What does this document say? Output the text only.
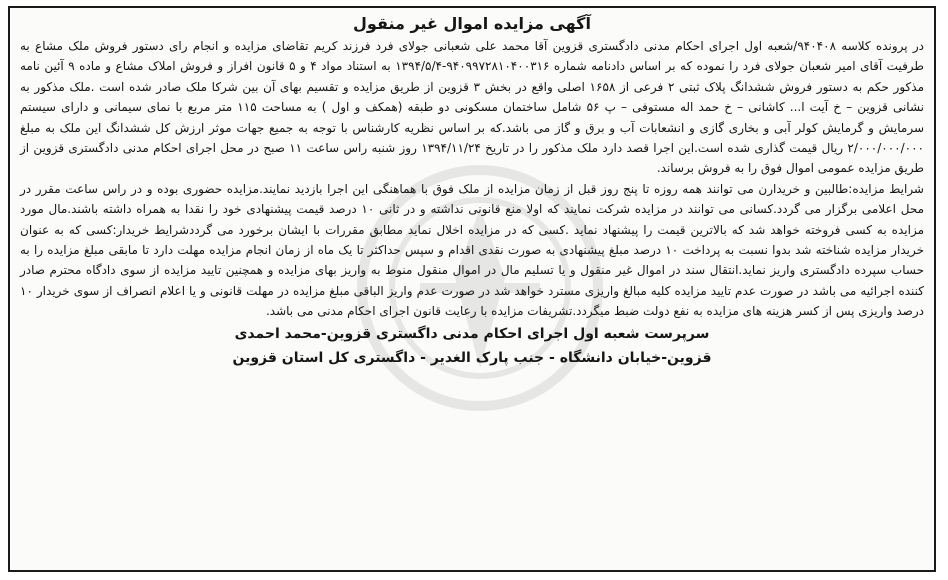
آگهی مزایده اموال غیر منقول

در پرونده کلاسه ۹۴۰۴۰۸/شعبه اول اجرای احکام مدنی دادگستری قزوین آقا محمد علی شعبانی جولای فرد فرزند کریم تقاضای مزایده و انجام رای دستور فروش ملک مشاع به طرفیت آقای امیر شعبان جولای فرد را نموده که بر اساس دادنامه شماره ۹۴۰۹۹۷۲۸۱۰۴۰۰۳۱۶-۱۳۹۴/۵/۴ به استناد مواد ۴ و ۵ قانون افراز و فروش املاک مشاع و ماده ۹ آئین نامه مذکور حکم به دستور فروش ششدانگ پلاک ثبتی ۲ فرعی از ۱۶۵۸ اصلی واقع در بخش ۳ قزوین از طریق مزایده و تقسیم بهای آن بین شرکا ملک صادر شده است .ملک مذکور به نشانی قزوین – خ آیت ا... کاشانی – خ حمد اله مستوفی – پ ۵۶ شامل ساختمان مسکونی دو طبقه (همکف و اول ) به مساحت ۱۱۵ متر مربع با نمای سیمانی و دارای سیستم سرمایش و گرمایش کولر آبی و بخاری گازی و انشعابات آب و برق و گاز می باشد.که بر اساس نظریه کارشناس با توجه به جمیع جهات موثر ارزش کل ششدانگ این ملک به مبلغ ۲/۰۰۰/۰۰۰/۰۰۰ ریال قیمت گذاری شده است.این اجرا قصد دارد ملک مذکور را در تاریخ ۱۳۹۴/۱۱/۲۴ روز شنبه راس ساعت ۱۱ صبح در محل اجرای احکام مدنی دادگستری قزوین از طریق مزایده عمومی اموال فوق را به فروش برساند.

شرایط مزایده:طالبین و خریدارن می توانند همه روزه تا پنج روز قبل از زمان مزایده از ملک فوق با هماهنگی این اجرا بازدید نمایند.مزایده حضوری بوده و در راس ساعت مقرر در محل اعلامی برگزار می گردد.کسانی می توانند در مزایده شرکت نمایند که اولا منع قانونی نداشته و در ثانی ۱۰ درصد قیمت پیشنهادی خود را نقدا به همراه داشته باشند.مال مورد مزایده به کسی فروخته خواهد شد که بالاترین قیمت را پیشنهاد نماید .کسی که در مزایده اخلال نماید مطابق مقررات با ایشان برخورد می گرددشرایط خریدار:کسی که به عنوان خریدار مزایده شناخته شد بدوا نسبت به پرداخت ۱۰ درصد مبلغ پیشنهادی به صورت نقدی اقدام و سپس حداکثر تا یک ماه از زمان انجام مزایده مهلت دارد تا مابقی مبلغ مزایده را به حساب سپرده دادگستری واریز نماید.انتقال سند در اموال غیر منقول و یا تسلیم مال در اموال منقول منوط به واریز بهای مزایده و همچنین تایید مزایده از سوی دادگاه محترم صادر کننده اجرائیه می باشد در صورت عدم تایید مزایده کلیه مبالغ واریزی مسترد خواهد شد در صورت عدم واریز الباقی مبلغ مزایده در مهلت قانونی و یا اعلام انصراف از سوی خریدار ۱۰ درصد واریزی پس از کسر هزینه های مزایده به نفع دولت ضبط میگردد.تشریفات مزایده با رعایت قانون اجرای احکام مدنی می باشد.

سرپرست شعبه اول اجرای احکام مدنی داگستری قزوین-محمد احمدی

قزوین-خیابان دانشگاه - جنب پارک الغدیر - داگستری کل استان قزوین
